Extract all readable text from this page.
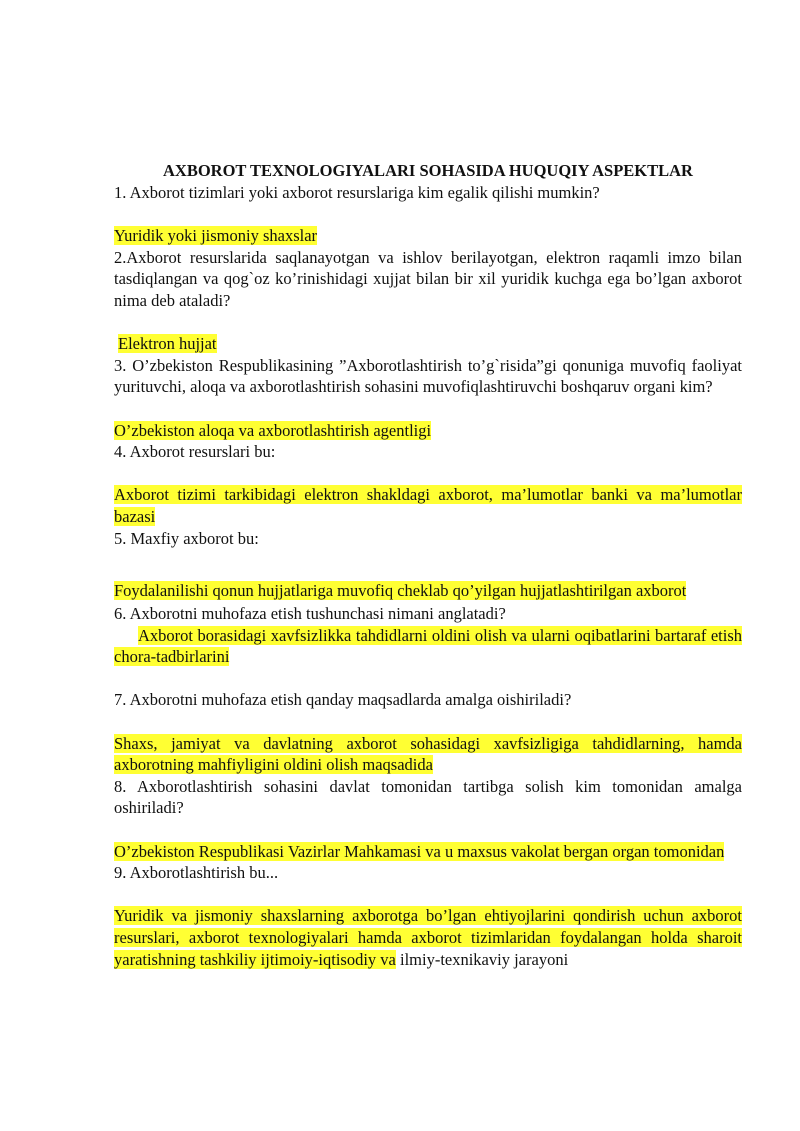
AXBOROT TEXNOLOGIYALARI SOHASIDA HUQUQIY ASPEKTLAR

1. Axborot tizimlari yoki axborot resurslariga kim egalik qilishi mumkin?

Yuridik yoki jismoniy shaxslar

2.Axborot resurslarida saqlanayotgan va ishlov berilayotgan, elektron raqamli imzo bilan tasdiqlangan va qog`oz ko’rinishidagi xujjat bilan bir xil yuridik kuchga ega bo’lgan axborot nima deb ataladi?

Elektron hujjat

3. O’zbekiston Respublikasining ”Axborotlashtirish to’g`risida”gi qonuniga muvofiq faoliyat yurituvchi, aloqa va axborotlashtirish sohasini muvofiqlashtiruvchi boshqaruv organi kim?

O’zbekiston aloqa va axborotlashtirish agentligi

4. Axborot resurslari bu:

Axborot tizimi tarkibidagi elektron shakldagi axborot, ma’lumotlar banki va ma’lumotlar bazasi

5. Maxfiy axborot bu:

Foydalanilishi qonun hujjatlariga muvofiq cheklab qo’yilgan hujjatlashtirilgan axborot

6. Axborotni muhofaza etish tushunchasi nimani anglatadi?

Axborot borasidagi xavfsizlikka tahdidlarni oldini olish va ularni oqibatlarini bartaraf etish chora-tadbirlarini

7. Axborotni muhofaza etish qanday maqsadlarda amalga oishiriladi?

Shaxs, jamiyat va davlatning axborot sohasidagi xavfsizligiga tahdidlarning, hamda axborotning mahfiyligini oldini olish maqsadida

8. Axborotlashtirish sohasini davlat tomonidan tartibga solish kim tomonidan amalga oshiriladi?

O’zbekiston Respublikasi Vazirlar Mahkamasi va u maxsus vakolat bergan organ tomonidan

9. Axborotlashtirish bu...

Yuridik va jismoniy shaxslarning axborotga bo’lgan ehtiyojlarini qondirish uchun axborot resurslari, axborot texnologiyalari hamda axborot tizimlaridan foydalangan holda sharoit yaratishning tashkiliy ijtimoiy-iqtisodiy va ilmiy-texnikaviy jarayoni
